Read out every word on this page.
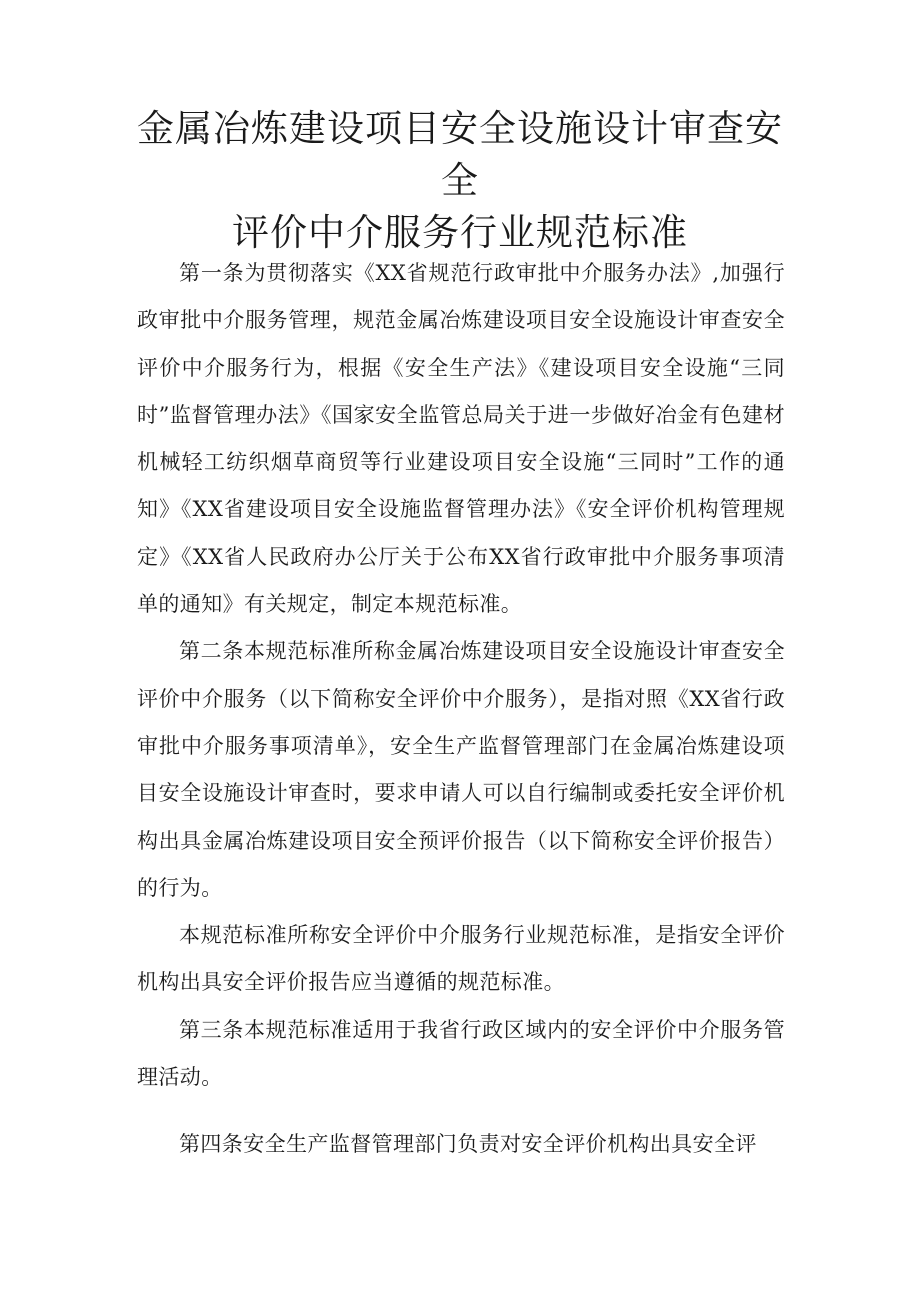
金属冶炼建设项目安全设施设计审查安全
评价中介服务行业规范标准

第一条为贯彻落实《XX省规范行政审批中介服务办法》,加强行政审批中介服务管理，规范金属冶炼建设项目安全设施设计审查安全评价中介服务行为，根据《安全生产法》《建设项目安全设施“三同时”监督管理办法》《国家安全监管总局关于进一步做好冶金有色建材机械轻工纺织烟草商贸等行业建设项目安全设施“三同时”工作的通知》《XX省建设项目安全设施监督管理办法》《安全评价机构管理规定》《XX省人民政府办公厅关于公布XX省行政审批中介服务事项清单的通知》有关规定，制定本规范标准。

第二条本规范标准所称金属冶炼建设项目安全设施设计审查安全评价中介服务（以下简称安全评价中介服务），是指对照《XX省行政审批中介服务事项清单》，安全生产监督管理部门在金属冶炼建设项目安全设施设计审查时，要求申请人可以自行编制或委托安全评价机构出具金属冶炼建设项目安全预评价报告（以下简称安全评价报告）的行为。

本规范标准所称安全评价中介服务行业规范标准，是指安全评价机构出具安全评价报告应当遵循的规范标准。

第三条本规范标准适用于我省行政区域内的安全评价中介服务管理活动。

第四条安全生产监督管理部门负责对安全评价机构出具安全评
